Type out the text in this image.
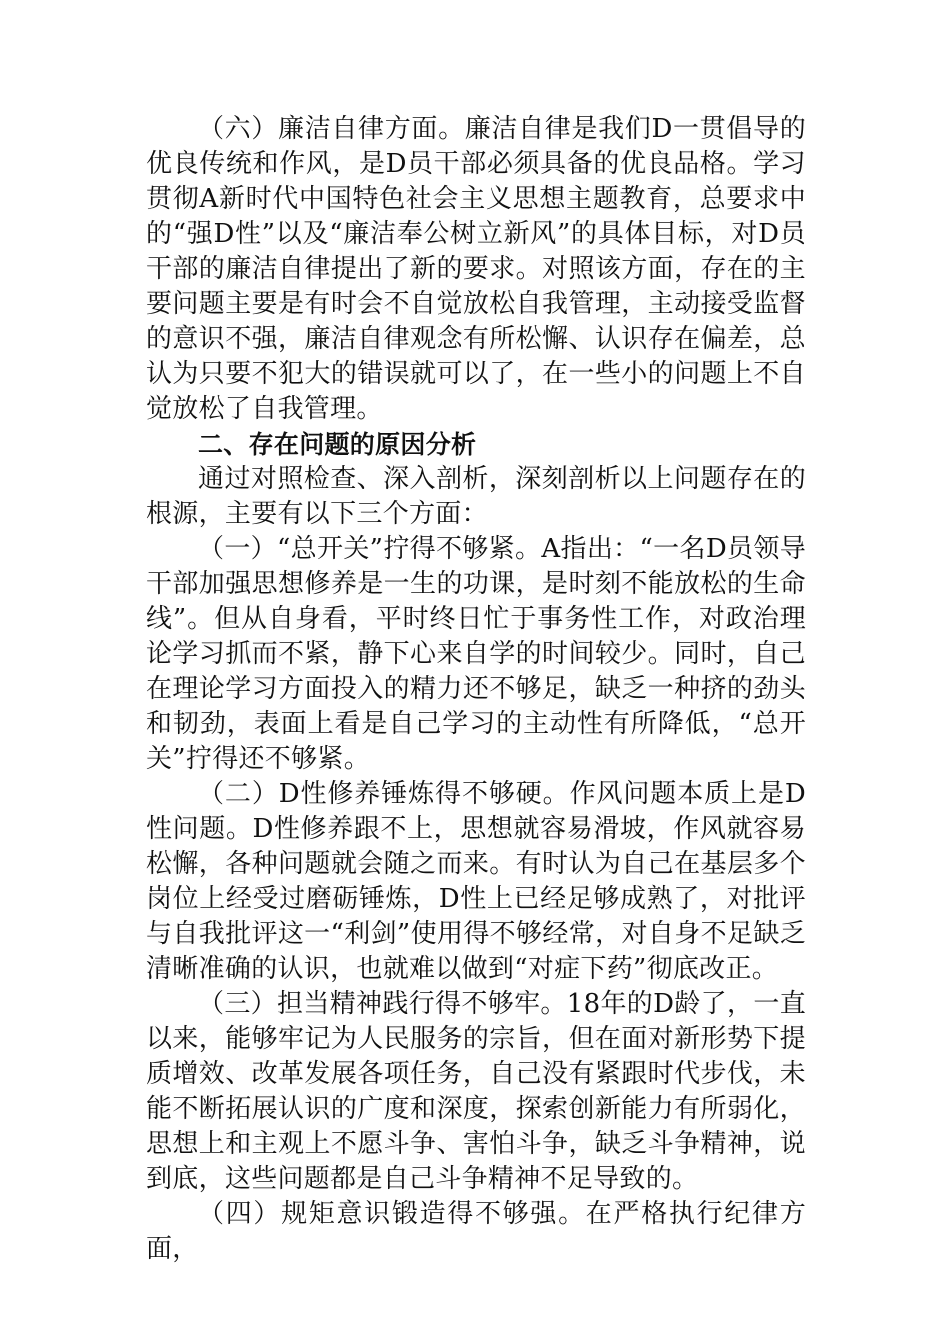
（六）廉洁自律方面。廉洁自律是我们D一贯倡导的优良传统和作风，是D员干部必须具备的优良品格。学习贯彻A新时代中国特色社会主义思想主题教育，总要求中的“强D性”以及“廉洁奉公树立新风”的具体目标，对D员干部的廉洁自律提出了新的要求。对照该方面，存在的主要问题主要是有时会不自觉放松自我管理，主动接受监督的意识不强，廉洁自律观念有所松懈、认识存在偏差，总认为只要不犯大的错误就可以了，在一些小的问题上不自觉放松了自我管理。

二、存在问题的原因分析

通过对照检查、深入剖析，深刻剖析以上问题存在的根源，主要有以下三个方面：

（一）“总开关”拧得不够紧。A指出：“一名D员领导干部加强思想修养是一生的功课，是时刻不能放松的生命线”。但从自身看，平时终日忙于事务性工作，对政治理论学习抓而不紧，静下心来自学的时间较少。同时，自己在理论学习方面投入的精力还不够足，缺乏一种挤的劲头和韧劲，表面上看是自己学习的主动性有所降低，“总开关”拧得还不够紧。

（二）D性修养锤炼得不够硬。作风问题本质上是D性问题。D性修养跟不上，思想就容易滑坡，作风就容易松懈，各种问题就会随之而来。有时认为自己在基层多个岗位上经受过磨砺锤炼，D性上已经足够成熟了，对批评与自我批评这一“利剑”使用得不够经常，对自身不足缺乏清晰准确的认识，也就难以做到“对症下药”彻底改正。

（三）担当精神践行得不够牢。18年的D龄了，一直以来，能够牢记为人民服务的宗旨，但在面对新形势下提质增效、改革发展各项任务，自己没有紧跟时代步伐，未能不断拓展认识的广度和深度，探索创新能力有所弱化，思想上和主观上不愿斗争、害怕斗争，缺乏斗争精神，说到底，这些问题都是自己斗争精神不足导致的。

（四）规矩意识锻造得不够强。在严格执行纪律方面，
